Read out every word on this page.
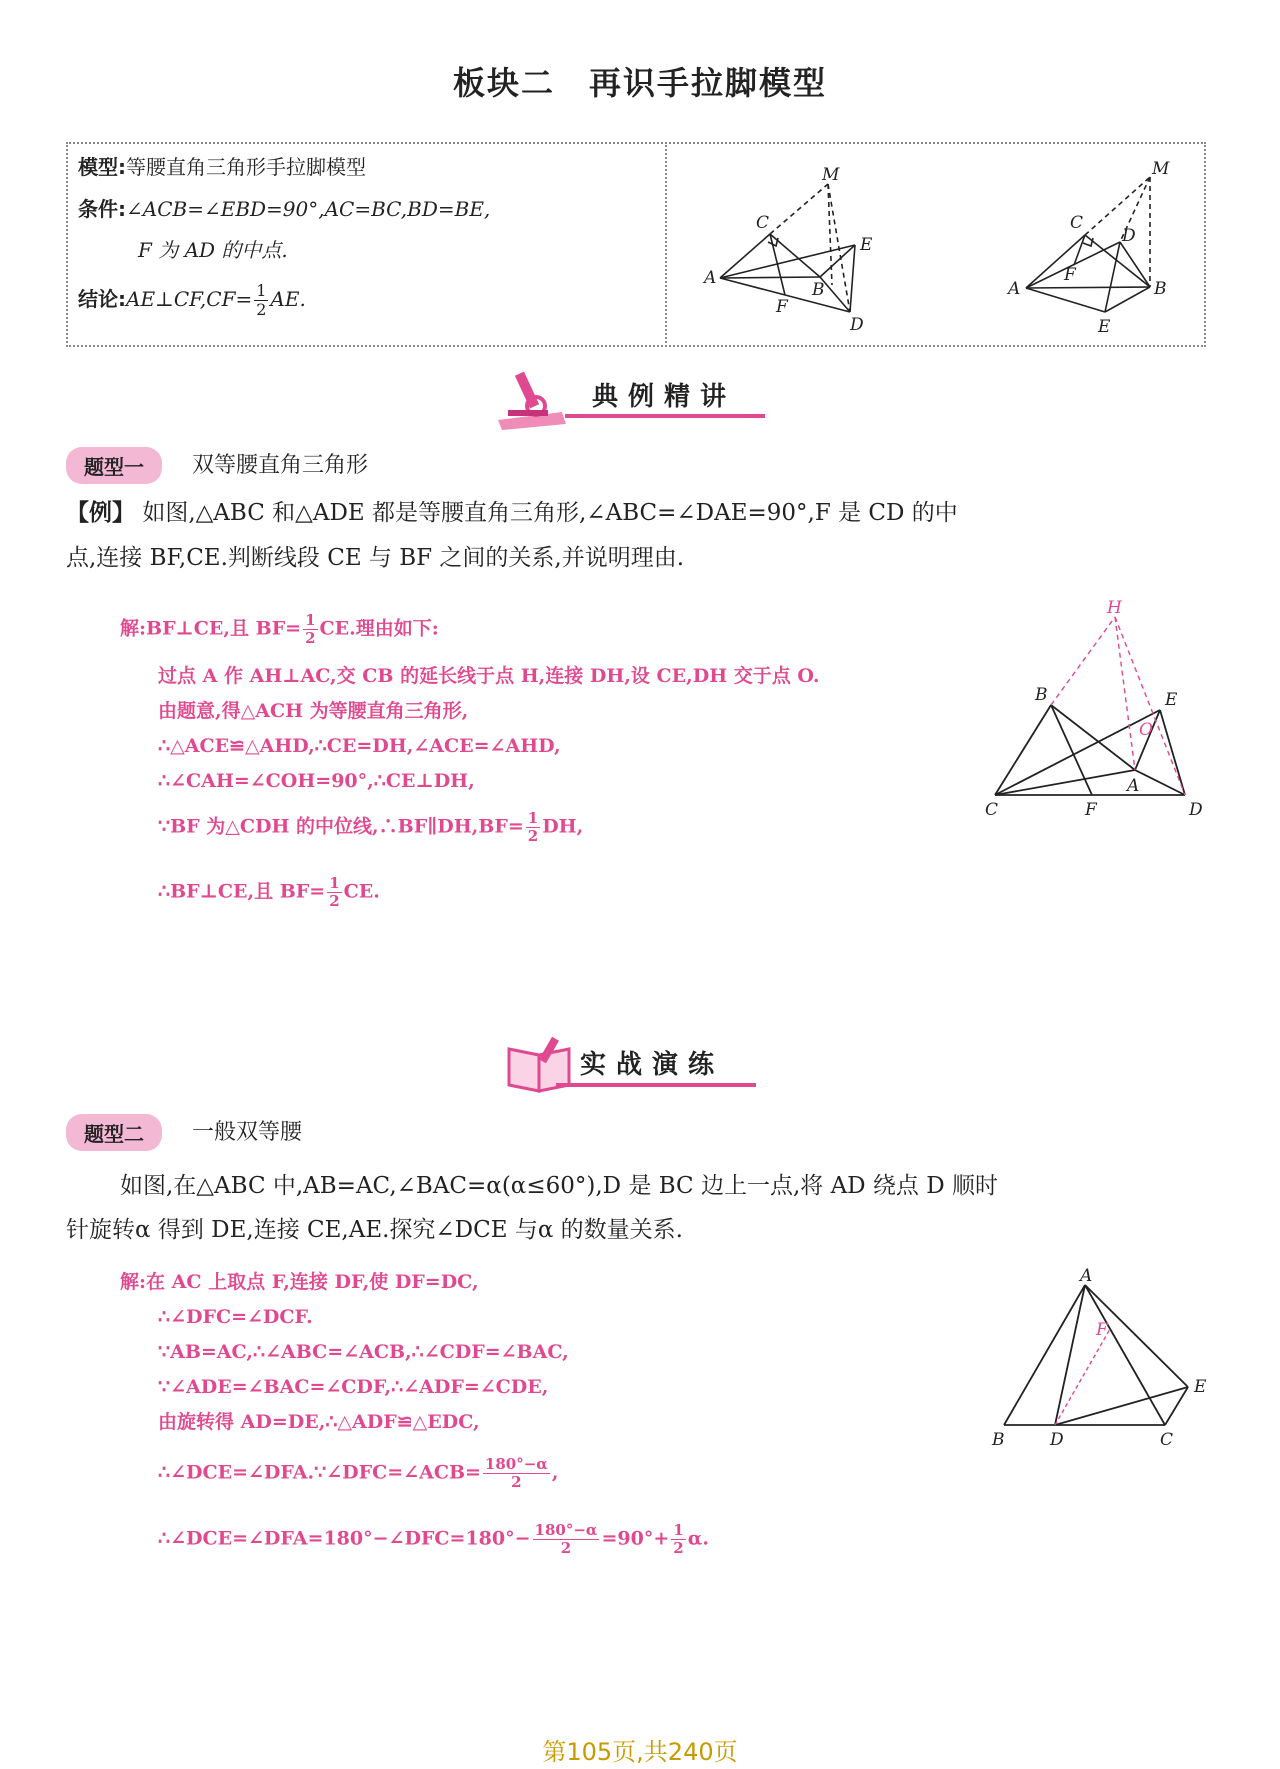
板块二 再识手拉脚模型
模型:等腰直角三角形手拉脚模型
条件:∠ACB=∠EBD=90°,AC=BC,BD=BE,
F 为 AD 的中点.
结论:AE⊥CF,CF= $\frac{1}{2}$ AE.
M
C
E
A
B
F
D
M
C
D
F
A	B
E
典例精讲
题型一	双等腰直角三角形
【例】 如图,△ABC 和△ADE 都是等腰直角三角形,∠ABC=∠DAE=90°,F 是 CD 的中
点,连接 BF,CE.判断线段 CE 与 BF 之间的关系,并说明理由.
解:BF⊥CE,且 $BF= \frac{1}{2}$ CE.理由如下:
过点 A 作 AH⊥AC,交 CB 的延长线于点 H,连接 DH,设 CE,DH 交于点 O.
由题意,得△ACH 为等腰直角三角形,
∴△ACE≌△AHD,∴CE=DH,∠ACE=∠AHD,
∴∠CAH=∠COH=90°,∴CE⊥DH,
∵BF 为△CDH 的中位线,∴BF∥DH,BF= $\frac{1}{2}$ DH,
∴BF⊥CE,且 $BF= \frac{1}{2}$ CE.
H
B	E
O
A
C	F	D
实战演练
题型二	一般双等腰
如图,在△ABC 中,AB=AC,∠BAC=α(α≤60°),D 是 BC 边上一点,将 AD 绕点 D 顺时
针旋转α 得到 DE,连接 CE,AE.探究∠DCE 与α 的数量关系.
解:在 AC 上取点 F,连接 DF,使 DF=DC,
∴∠DFC=∠DCF.
∵AB=AC,∴∠ABC=∠ACB,∴∠CDF=∠BAC,
∵∠ADE=∠BAC=∠CDF,∴∠ADF=∠CDE,
由旋转得 AD=DE,∴△ADF≌△EDC,
∴∠DCE=∠DFA.∵∠DFC=∠ACB= $\frac{180^\circ-\alpha}{2}$ ,
∴∠DCE=∠DFA=180°−∠DFC=180°− $\frac{180^\circ-\alpha}{2} =90^\circ+ \frac{1}{2} \alpha$.
A
F
E
B	D	C
第105页,共240页
